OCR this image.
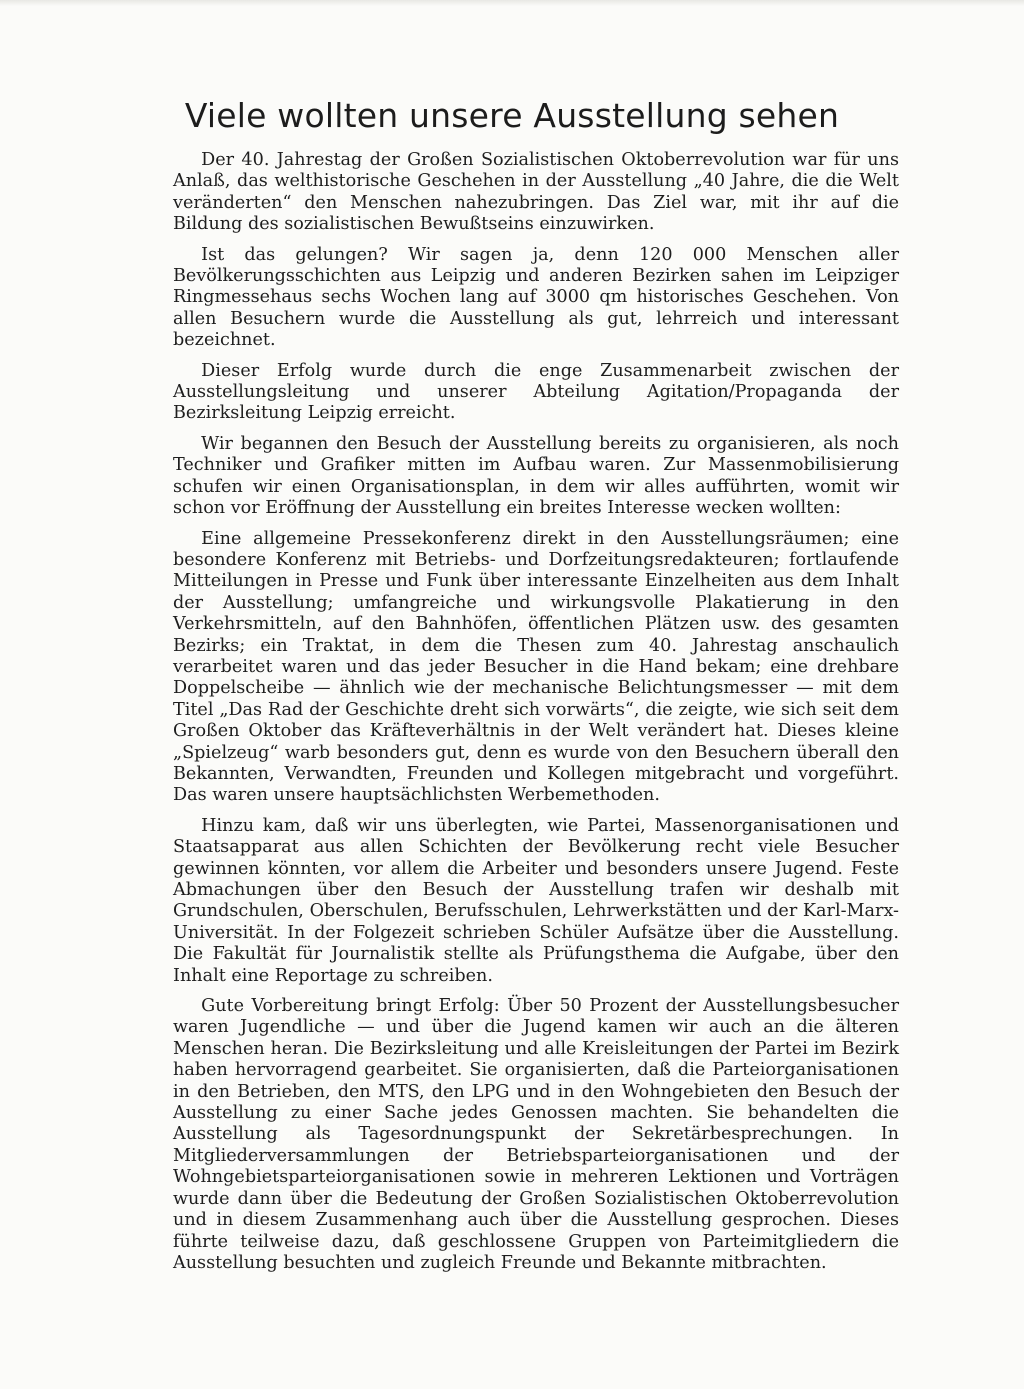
Viele wollten unsere Ausstellung sehen

Der 40. Jahrestag der Großen Sozialistischen Oktoberrevolution war für uns Anlaß, das welthistorische Geschehen in der Ausstellung „40 Jahre, die die Welt veränderten“ den Menschen nahezubringen. Das Ziel war, mit ihr auf die Bildung des sozialistischen Bewußtseins einzuwirken.

Ist das gelungen? Wir sagen ja, denn 120 000 Menschen aller Bevölkerungsschichten aus Leipzig und anderen Bezirken sahen im Leipziger Ringmessehaus sechs Wochen lang auf 3000 qm historisches Geschehen. Von allen Besuchern wurde die Ausstellung als gut, lehrreich und interessant bezeichnet.

Dieser Erfolg wurde durch die enge Zusammenarbeit zwischen der Ausstellungsleitung und unserer Abteilung Agitation/Propaganda der Bezirksleitung Leipzig erreicht.

Wir begannen den Besuch der Ausstellung bereits zu organisieren, als noch Techniker und Grafiker mitten im Aufbau waren. Zur Massenmobilisierung schufen wir einen Organisationsplan, in dem wir alles aufführten, womit wir schon vor Eröffnung der Ausstellung ein breites Interesse wecken wollten:

Eine allgemeine Pressekonferenz direkt in den Ausstellungsräumen; eine besondere Konferenz mit Betriebs- und Dorfzeitungsredakteuren; fortlaufende Mitteilungen in Presse und Funk über interessante Einzelheiten aus dem Inhalt der Ausstellung; umfangreiche und wirkungsvolle Plakatierung in den Verkehrsmitteln, auf den Bahnhöfen, öffentlichen Plätzen usw. des gesamten Bezirks; ein Traktat, in dem die Thesen zum 40. Jahrestag anschaulich verarbeitet waren und das jeder Besucher in die Hand bekam; eine drehbare Doppelscheibe — ähnlich wie der mechanische Belichtungsmesser — mit dem Titel „Das Rad der Geschichte dreht sich vorwärts“, die zeigte, wie sich seit dem Großen Oktober das Kräfteverhältnis in der Welt verändert hat. Dieses kleine „Spielzeug“ warb besonders gut, denn es wurde von den Besuchern überall den Bekannten, Verwandten, Freunden und Kollegen mitgebracht und vorgeführt. Das waren unsere hauptsächlichsten Werbemethoden.

Hinzu kam, daß wir uns überlegten, wie Partei, Massenorganisationen und Staatsapparat aus allen Schichten der Bevölkerung recht viele Besucher gewinnen könnten, vor allem die Arbeiter und besonders unsere Jugend. Feste Abmachungen über den Besuch der Ausstellung trafen wir deshalb mit Grundschulen, Oberschulen, Berufsschulen, Lehrwerkstätten und der Karl-Marx-Universität. In der Folgezeit schrieben Schüler Aufsätze über die Ausstellung. Die Fakultät für Journalistik stellte als Prüfungsthema die Aufgabe, über den Inhalt eine Reportage zu schreiben.

Gute Vorbereitung bringt Erfolg: Über 50 Prozent der Ausstellungsbesucher waren Jugendliche — und über die Jugend kamen wir auch an die älteren Menschen heran. Die Bezirksleitung und alle Kreisleitungen der Partei im Bezirk haben hervorragend gearbeitet. Sie organisierten, daß die Parteiorganisationen in den Betrieben, den MTS, den LPG und in den Wohngebieten den Besuch der Ausstellung zu einer Sache jedes Genossen machten. Sie behandelten die Ausstellung als Tagesordnungspunkt der Sekretärbesprechungen. In Mitgliederversammlungen der Betriebsparteiorganisationen und der Wohngebietsparteiorganisationen sowie in mehreren Lektionen und Vorträgen wurde dann über die Bedeutung der Großen Sozialistischen Oktoberrevolution und in diesem Zusammenhang auch über die Ausstellung gesprochen. Dieses führte teilweise dazu, daß geschlossene Gruppen von Parteimitgliedern die Ausstellung besuchten und zugleich Freunde und Bekannte mitbrachten.
